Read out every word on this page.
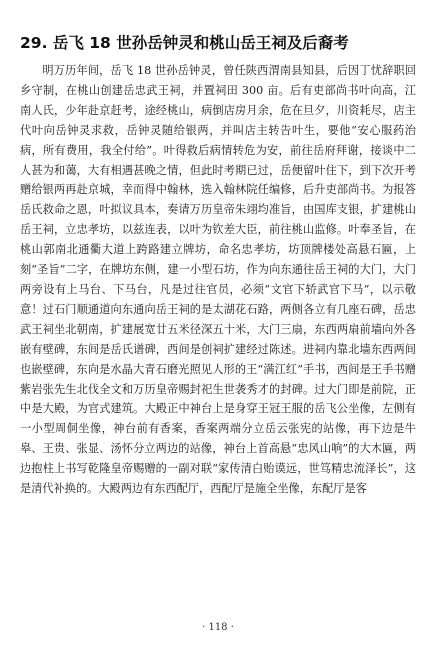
29. 岳飞 18 世孙岳钟灵和桃山岳王祠及后裔考

明万历年间，岳飞 18 世孙岳钟灵，曾任陕西渭南县知县，后因丁忧辞职回乡守制，在桃山创建岳忠武王祠，并置祠田 300 亩。后有吏部尚书叶向高，江南人氏，少年赴京赶考，途经桃山，病倒店房月余，危在旦夕，川资耗尽，店主代叶向岳钟灵求救，岳钟灵随给银两，并叫店主转告叶生，要他“安心服药治病，所有费用，我全付给”。叶得救后病情转危为安，前往岳府拜谢，接谈中二人甚为和蔼，大有相遇甚晚之情，但此时考期已过，岳便留叶住下，到下次开考赠给银两再赴京城，幸而得中翰林，选入翰林院任编修，后升吏部尚书。为报答岳氏救命之恩，叶拟议具本，奏请万历皇帝朱翊均准旨，由国库支银，扩建桃山岳王祠，立忠孝坊，以兹连表，以叶为钦差大臣，前往桃山监修。叶奉圣旨，在桃山郭南北通衢大道上跨路建立牌坊，命名忠孝坊，坊顶牌楼处高悬石匾，上刻“圣旨”二字，在牌坊东侧，建一小型石坊，作为向东通往岳王祠的大门，大门两旁设有上马台、下马台，凡是过往官员，必须“文官下轿武官下马”，以示敬意！过石门顺通道向东通向岳王祠的是太湖花石路，两侧各立有几座石碑，岳忠武王祠坐北朝南，扩建展宽廿五米径深五十米，大门三扇，东西两扇前墙向外各嵌有壁碑，东间是岳氏谱碑，西间是创祠扩建经过陈述。进祠内靠北墙东西两间也嵌壁碑，东向是水晶大青石磨光照见人形的王“满江红”手书，西间是王手书赠紫岩张先生北伐全文和万历皇帝赐封祀生世袭秀才的封碑。过大门即是前院，正中是大殿，为官式建筑。大殿正中神台上是身穿王冠王服的岳飞公坐像，左侧有一小型周侗坐像，神台前有香案，香案两端分立岳云张宪的站像，再下边是牛皋、王贵、张显、汤怀分立两边的站像，神台上首高悬“忠风山响”的大木匾，两边抱柱上书写乾隆皇帝赐赠的一副对联“家传清白贻谟远，世笃精忠流泽长”，这是清代补换的。大殿两边有东西配厅，西配厅是施全坐像，东配厅是客

· 118 ·
